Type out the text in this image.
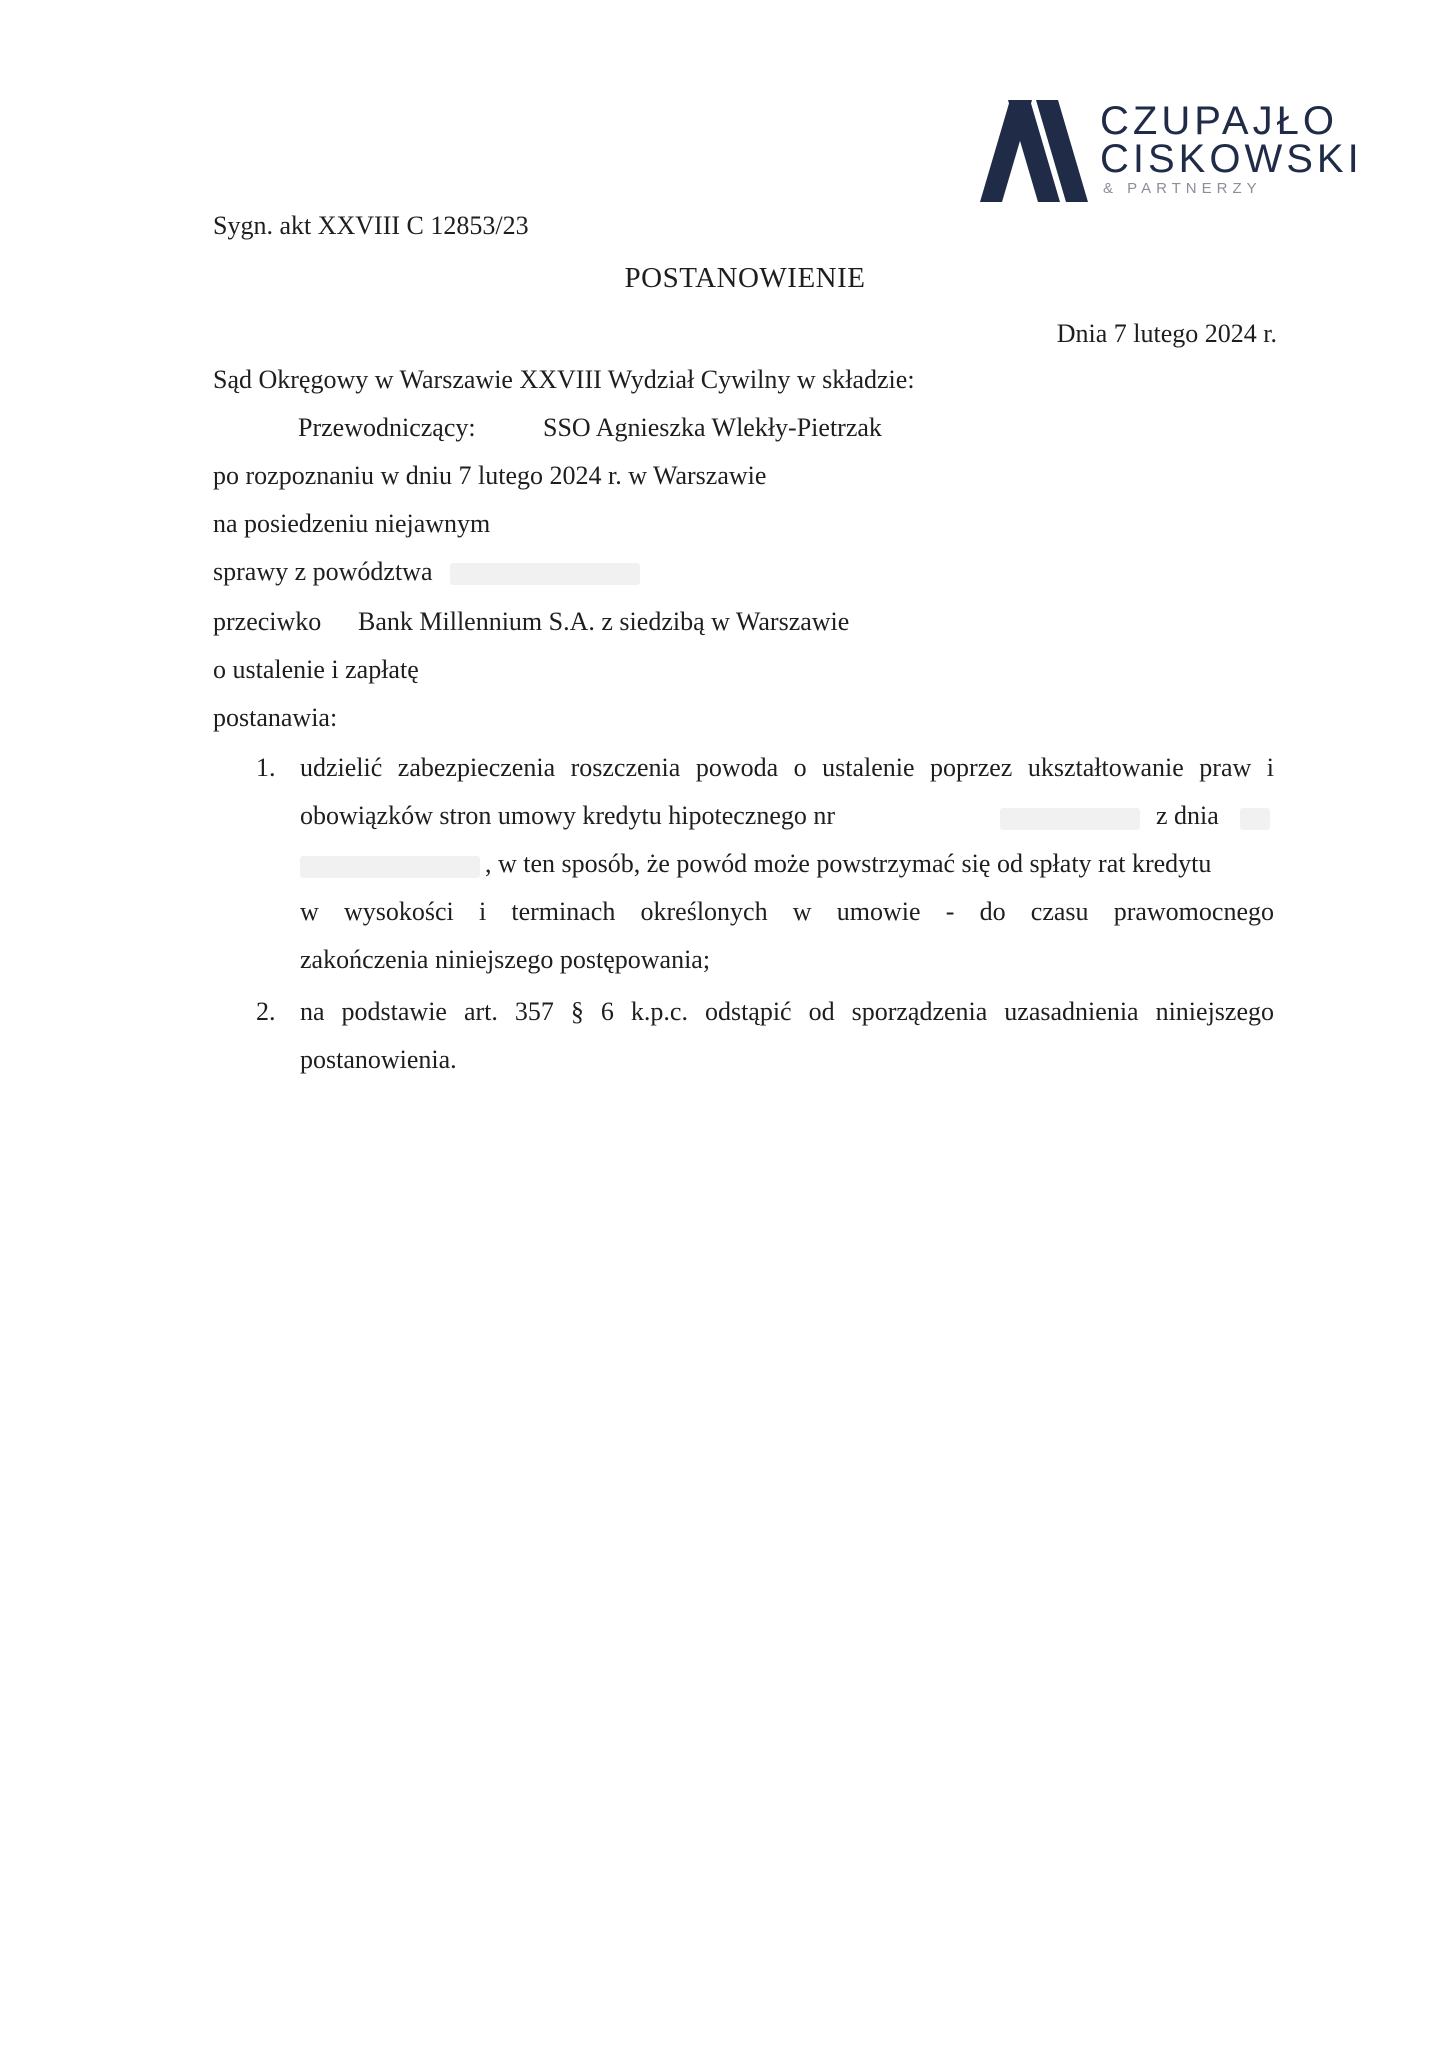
CZUPAJŁO
CISKOWSKI
& PARTNERZY
Sygn. akt XXVIII C 12853/23
POSTANOWIENIE
Dnia 7 lutego 2024 r.
Sąd Okręgowy w Warszawie XXVIII Wydział Cywilny w składzie:
Przewodniczący:	SSO Agnieszka Wlekły-Pietrzak
po rozpoznaniu w dniu 7 lutego 2024 r. w Warszawie
na posiedzeniu niejawnym
sprawy z powództwa
przeciwko Bank Millennium S.A. z siedzibą w Warszawie
o ustalenie i zapłatę
postanawia:
1. udzielić zabezpieczenia roszczenia powoda o ustalenie poprzez ukształtowanie praw i
obowiązków stron umowy kredytu hipotecznego nr	z dnia
, w ten sposób, że powód może powstrzymać się od spłaty rat kredytu
w wysokości i terminach określonych w umowie - do czasu prawomocnego
zakończenia niniejszego postępowania;
2. na podstawie art. 357 § 6 k.p.c. odstąpić od sporządzenia uzasadnienia niniejszego
postanowienia.
